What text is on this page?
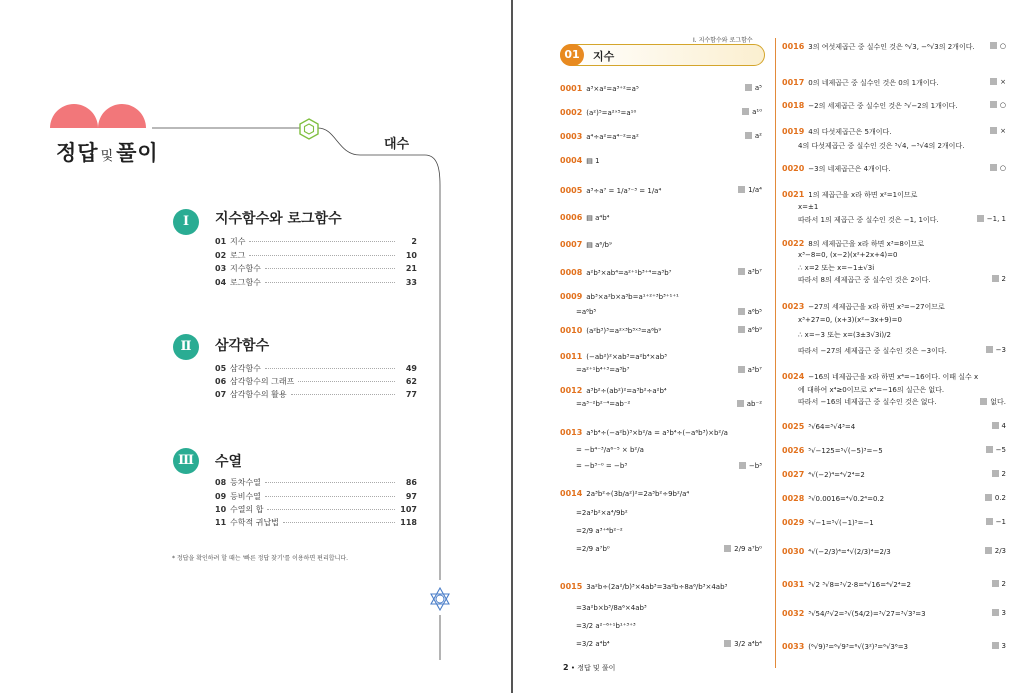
정답 및풀이	대수
Ⅰ	지수함수와 로그함수
01 지수	2
02 로그	10
03 지수함수	21
04 로그함수	33
Ⅱ	삼각함수
05 삼각함수	49
06 삼각함수의 그래프	62
07 삼각함수의 활용	77
Ⅲ	수열
08 등차수열	86
09 등비수열	97
10 수열의 합	107
11 수학적 귀납법	118
* 정답을 확인하려 할 때는 '빠른 정답 찾기'를 이용하면 편리합니다.
Ⅰ. 지수함수와 로그함수
01	지수
2 • 정답 및 풀이
0001 a³×a²=a³⁺²=a⁵	a⁵
0002 (a²)⁵=a²ˣ⁵=a¹⁰	a¹⁰
0003 a⁴÷a²=a⁴⁻²=a²	a²
0004 ▤ 1
0005 a³÷a⁷ = 1/a⁷⁻³ = 1/a⁴	1/a⁴
0006 ▤ a⁴b⁴
0007 ▤ a⁶/b⁹
0008 a²b³×ab⁴=a²⁺¹b³⁺⁴=a³b⁷	a³b⁷
0009 ab³×a²b×a³b=a¹⁺²⁺³b³⁺¹⁺¹
=a⁶b⁵	a⁶b⁵
0010 (a²b³)³=a²ˣ³b³ˣ³=a⁶b⁹	a⁶b⁹
0011 (−ab²)²×ab³=a²b⁴×ab³
=a²⁺¹b⁴⁺³=a³b⁷	a³b⁷
0012 a³b²÷(ab²)²=a³b²÷a²b⁴
=a³⁻²b²⁻⁴=ab⁻²	ab⁻²
0013 a⁵b⁴÷(−a²b)³×b²/a = a⁵b⁴÷(−a⁶b³)×b²/a
= −b⁴⁻³/a⁶⁻⁵ × b²/a
= −b³⁻⁰ = −b³	−b³
0014 2a³b²÷(3b/a²)²=2a³b²÷9b²/a⁴
=2a³b²×a⁴/9b²
=2/9 a³⁺⁴b²⁻²
=2/9 a⁷b⁰	2/9 a⁷b⁰
0015 3a²b÷(2a²/b)³×4ab³=3a²b÷8a⁶/b³×4ab³
=3a²b×b³/8a⁶×4ab³
=3/2 a²⁻⁶⁺¹b¹⁺³⁺³
=3/2 a⁴b⁴	3/2 a⁴b⁴
0016 3의 여섯제곱근 중 실수인 것은 ⁶√3, −⁶√3의 2개이다.	○
0017 0의 네제곱근 중 실수인 것은 0의 1개이다.	×
0018 −2의 세제곱근 중 실수인 것은 ³√−2의 1개이다.	○
0019 4의 다섯제곱근은 5개이다.	×
4의 다섯제곱근 중 실수인 것은 ⁵√4, −⁵√4의 2개이다.
0020 −3의 네제곱근은 4개이다.	○
0021 1의 제곱근을 x라 하면 x²=1이므로
x=±1
따라서 1의 제곱근 중 실수인 것은 −1, 1이다.	−1, 1
0022 8의 세제곱근을 x라 하면 x³=8이므로
x³−8=0, (x−2)(x²+2x+4)=0
∴ x=2 또는 x=−1±√3i
따라서 8의 세제곱근 중 실수인 것은 2이다.	2
0023 −27의 세제곱근을 x라 하면 x³=−27이므로
x³+27=0, (x+3)(x²−3x+9)=0
∴ x=−3 또는 x=(3±3√3i)/2
따라서 −27의 세제곱근 중 실수인 것은 −3이다.	−3
0024 −16의 네제곱근을 x라 하면 x⁴=−16이다. 이때 실수 x
에 대하여 x⁴≥0이므로 x⁴=−16의 실근은 없다.
따라서 −16의 네제곱근 중 실수인 것은 없다.	없다.
0025 ³√64=³√4³=4	4
0026 ⁵√−125=⁵√(−5)³=−5	−5
0027 ⁴√(−2)⁴=⁴√2⁴=2	2
0028 ³√0.0016=⁴√0.2⁴=0.2	0.2
0029 ⁵√−1=⁵√(−1)⁵=−1	−1
0030 ⁴√(−2/3)⁴=⁴√(2/3)⁴=2/3	2/3
0031 ³√2 ³√8=³√2·8=⁴√16=⁴√2⁴=2	2
0032 ³√54/³√2=³√(54/2)=³√27=³√3³=3	3
0033 (⁶√9)³=⁶√9³=⁶√(3²)³=⁶√3⁶=3	3
